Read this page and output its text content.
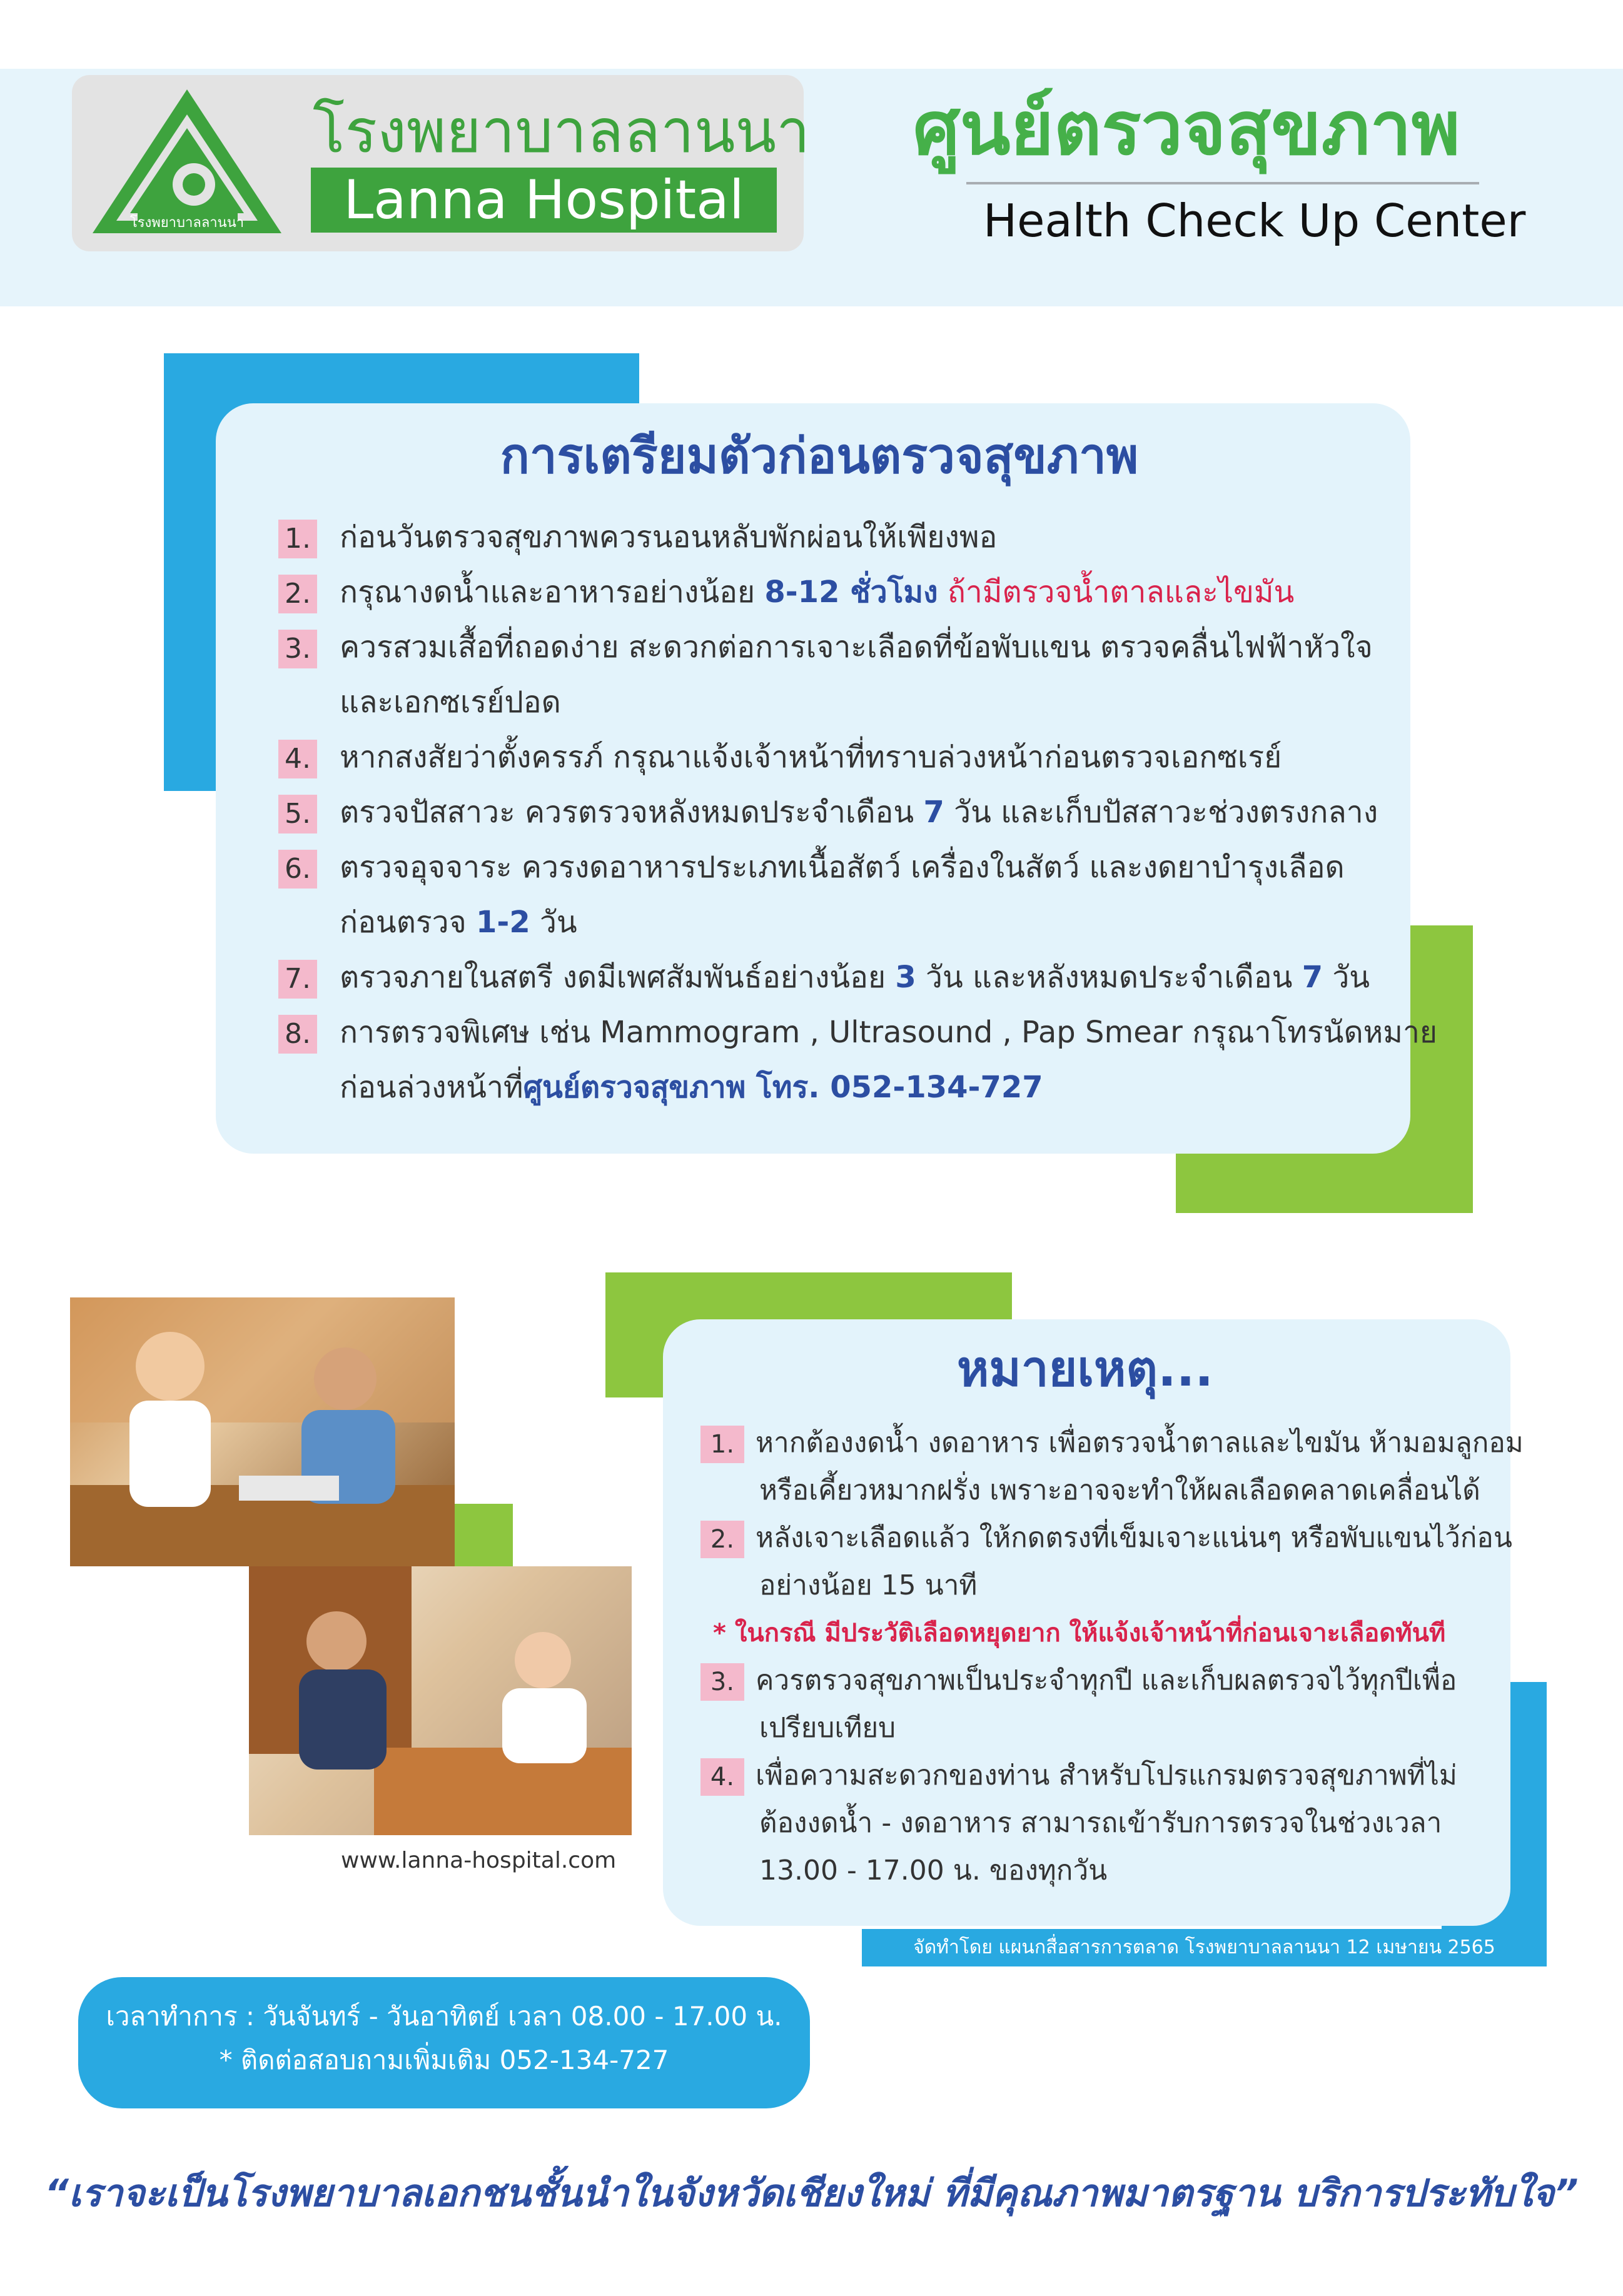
โรงพยาบาลลานนา
โรงพยาบาลลานนา
Lanna Hospital
ศูนย์ตรวจสุขภาพ
Health Check Up Center
การเตรียมตัวก่อนตรวจสุขภาพ
1. ก่อนวันตรวจสุขภาพควรนอนหลับพักผ่อนให้เพียงพอ
2. กรุณางดน้ำและอาหารอย่างน้อย 8-12 ชั่วโมง ถ้ามีตรวจน้ำตาลและไขมัน
3. ควรสวมเสื้อที่ถอดง่าย สะดวกต่อการเจาะเลือดที่ข้อพับแขน ตรวจคลื่นไฟฟ้าหัวใจ
และเอกซเรย์ปอด
4. หากสงสัยว่าตั้งครรภ์ กรุณาแจ้งเจ้าหน้าที่ทราบล่วงหน้าก่อนตรวจเอกซเรย์
5. ตรวจปัสสาวะ ควรตรวจหลังหมดประจำเดือน 7 วัน และเก็บปัสสาวะช่วงตรงกลาง
6. ตรวจอุจจาระ ควรงดอาหารประเภทเนื้อสัตว์ เครื่องในสัตว์ และงดยาบำรุงเลือด
ก่อนตรวจ 1-2 วัน
7. ตรวจภายในสตรี งดมีเพศสัมพันธ์อย่างน้อย 3 วัน และหลังหมดประจำเดือน 7 วัน
8. การตรวจพิเศษ เช่น Mammogram , Ultrasound , Pap Smear กรุณาโทรนัดหมาย
ก่อนล่วงหน้าที่ศูนย์ตรวจสุขภาพ โทร. 052-134-727
www.lanna-hospital.com
หมายเหตุ...
1. หากต้องงดน้ำ งดอาหาร เพื่อตรวจน้ำตาลและไขมัน ห้ามอมลูกอม
หรือเคี้ยวหมากฝรั่ง เพราะอาจจะทำให้ผลเลือดคลาดเคลื่อนได้
2. หลังเจาะเลือดแล้ว ให้กดตรงที่เข็มเจาะแน่นๆ หรือพับแขนไว้ก่อน
อย่างน้อย 15 นาที
* ในกรณี มีประวัติเลือดหยุดยาก ให้แจ้งเจ้าหน้าที่ก่อนเจาะเลือดทันที
3. ควรตรวจสุขภาพเป็นประจำทุกปี และเก็บผลตรวจไว้ทุกปีเพื่อ
เปรียบเทียบ
4. เพื่อความสะดวกของท่าน สำหรับโปรแกรมตรวจสุขภาพที่ไม่
ต้องงดน้ำ - งดอาหาร สามารถเข้ารับการตรวจในช่วงเวลา
13.00 - 17.00 น. ของทุกวัน
จัดทำโดย แผนกสื่อสารการตลาด โรงพยาบาลลานนา 12 เมษายน 2565
เวลาทำการ : วันจันทร์ - วันอาทิตย์ เวลา 08.00 - 17.00 น.
* ติดต่อสอบถามเพิ่มเติม 052-134-727
“เราจะเป็นโรงพยาบาลเอกชนชั้นนำในจังหวัดเชียงใหม่ ที่มีคุณภาพมาตรฐาน บริการประทับใจ”
